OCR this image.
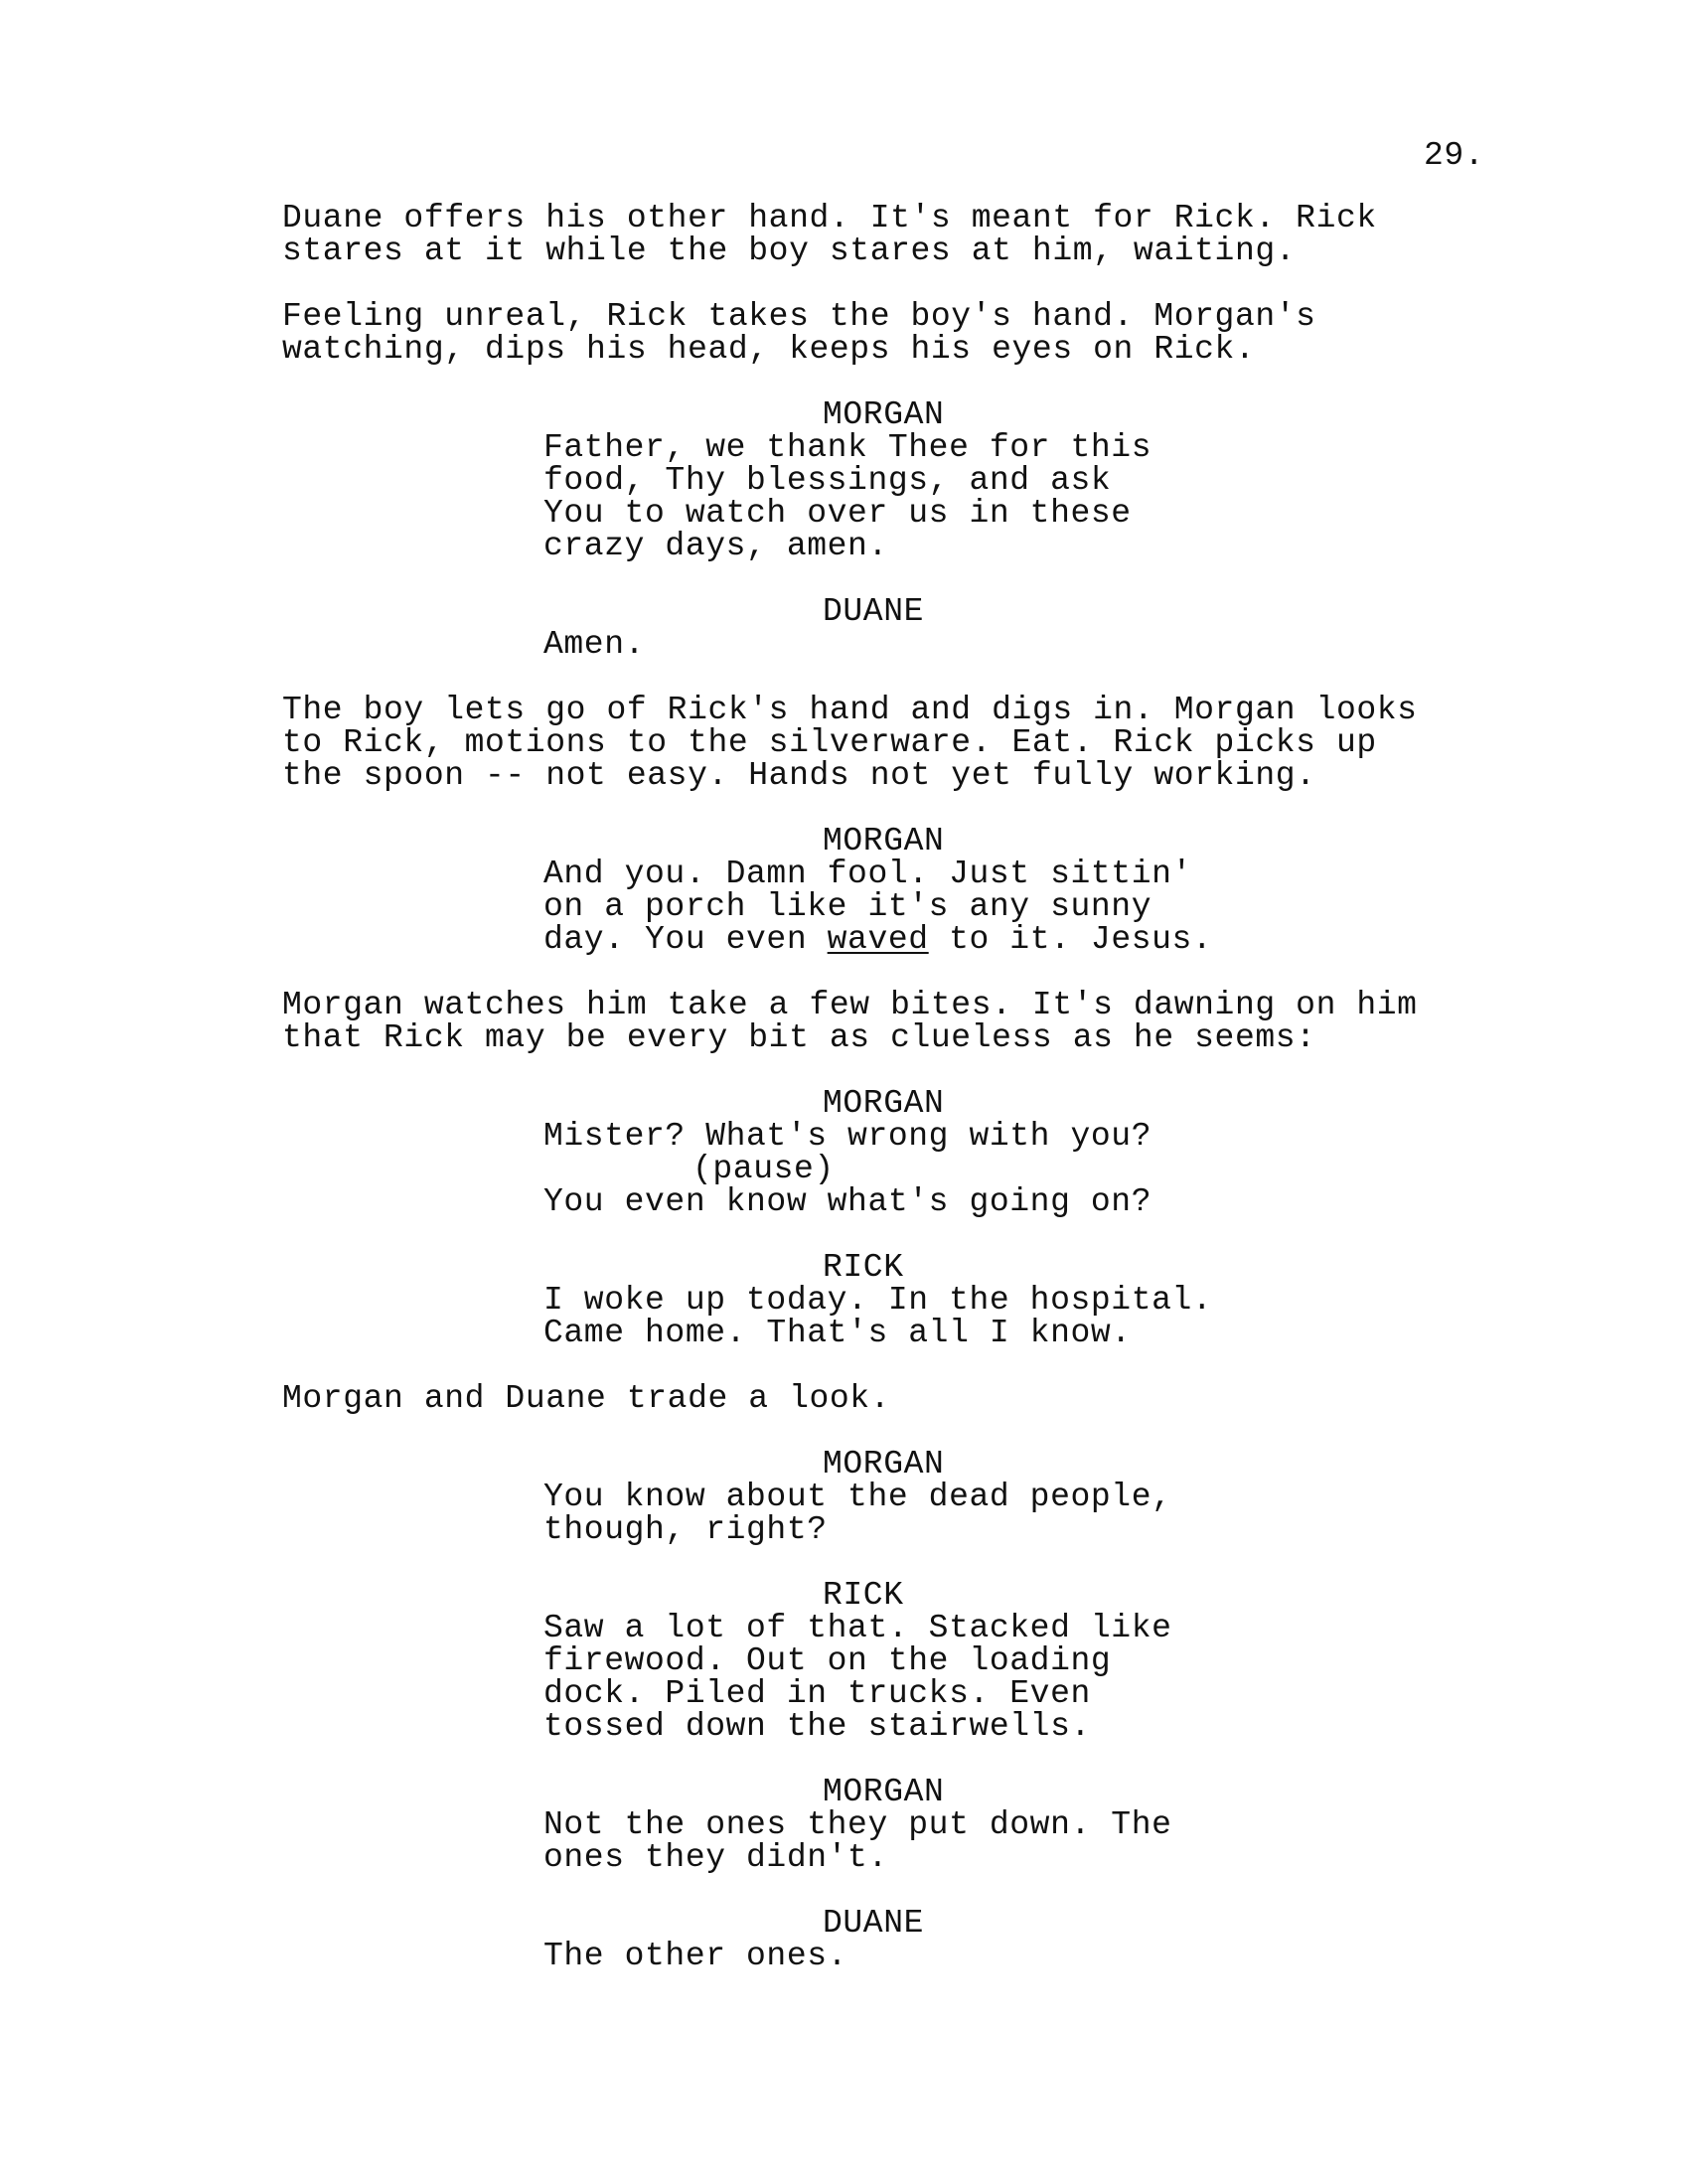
29.

Duane offers his other hand. It's meant for Rick. Rick

stares at it while the boy stares at him, waiting.

Feeling unreal, Rick takes the boy's hand. Morgan's

watching, dips his head, keeps his eyes on Rick.

MORGAN

Father, we thank Thee for this

food, Thy blessings, and ask

You to watch over us in these

crazy days, amen.

DUANE

Amen.

The boy lets go of Rick's hand and digs in. Morgan looks

to Rick, motions to the silverware. Eat. Rick picks up

the spoon -- not easy. Hands not yet fully working.

MORGAN

And you. Damn fool. Just sittin'

on a porch like it's any sunny

day. You even waved to it. Jesus.

Morgan watches him take a few bites. It's dawning on him

that Rick may be every bit as clueless as he seems:

MORGAN

Mister? What's wrong with you?

(pause)

You even know what's going on?

RICK

I woke up today. In the hospital.

Came home. That's all I know.

Morgan and Duane trade a look.

MORGAN

You know about the dead people,

though, right?

RICK

Saw a lot of that. Stacked like

firewood. Out on the loading

dock. Piled in trucks. Even

tossed down the stairwells.

MORGAN

Not the ones they put down. The

ones they didn't.

DUANE

The other ones.
